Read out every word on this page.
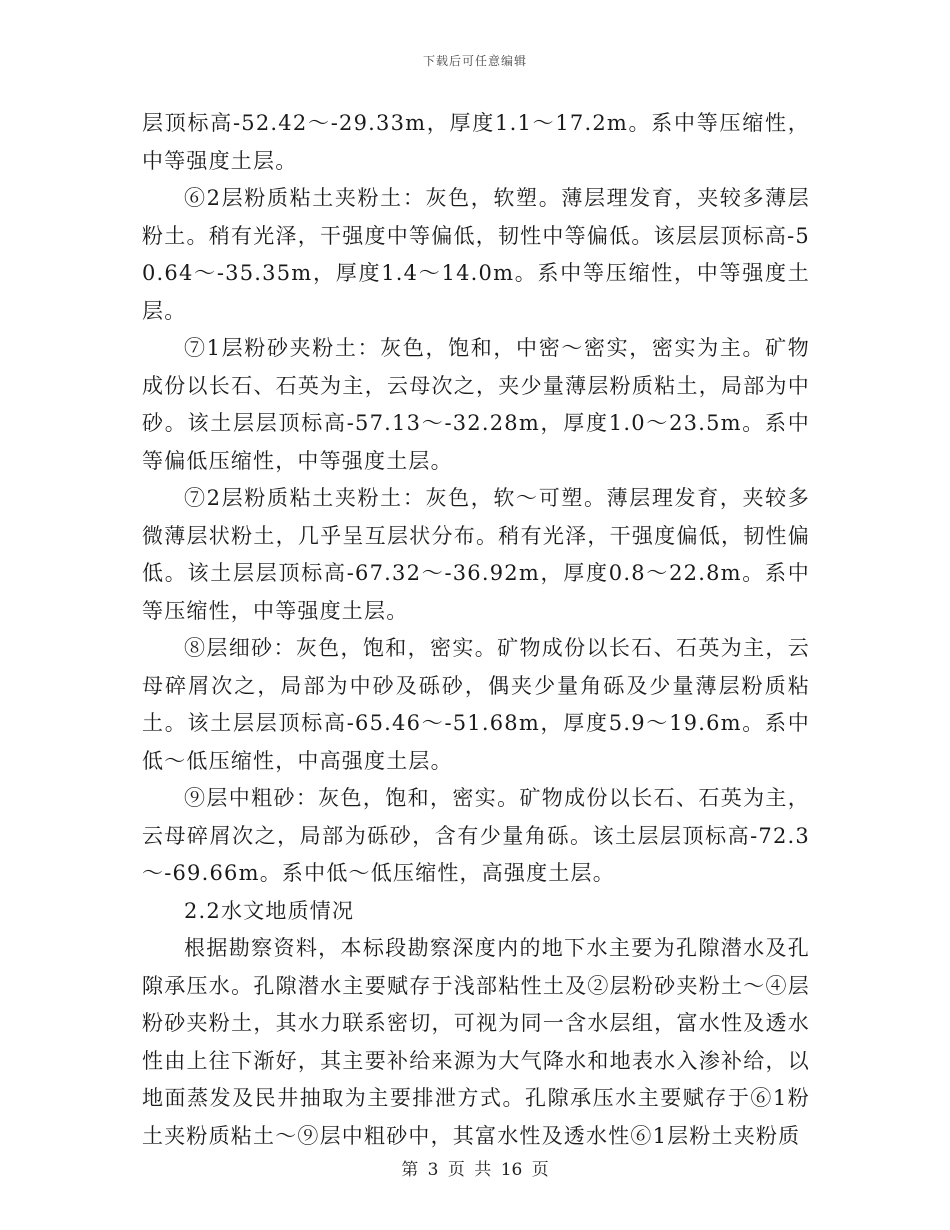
下载后可任意编辑

层顶标高-52.42～-29.33m，厚度1.1～17.2m。系中等压缩性，中等强度土层。

⑥2层粉质粘土夹粉土：灰色，软塑。薄层理发育，夹较多薄层粉土。稍有光泽，干强度中等偏低，韧性中等偏低。该层层顶标高-50.64～-35.35m，厚度1.4～14.0m。系中等压缩性，中等强度土层。

⑦1层粉砂夹粉土：灰色，饱和，中密～密实，密实为主。矿物成份以长石、石英为主，云母次之，夹少量薄层粉质粘土，局部为中砂。该土层层顶标高-57.13～-32.28m，厚度1.0～23.5m。系中等偏低压缩性，中等强度土层。

⑦2层粉质粘土夹粉土：灰色，软～可塑。薄层理发育，夹较多微薄层状粉土，几乎呈互层状分布。稍有光泽，干强度偏低，韧性偏低。该土层层顶标高-67.32～-36.92m，厚度0.8～22.8m。系中等压缩性，中等强度土层。

⑧层细砂：灰色，饱和，密实。矿物成份以长石、石英为主，云母碎屑次之，局部为中砂及砾砂，偶夹少量角砾及少量薄层粉质粘土。该土层层顶标高-65.46～-51.68m，厚度5.9～19.6m。系中低～低压缩性，中高强度土层。

⑨层中粗砂：灰色，饱和，密实。矿物成份以长石、石英为主，云母碎屑次之，局部为砾砂，含有少量角砾。该土层层顶标高-72.3～-69.66m。系中低～低压缩性，高强度土层。

2.2水文地质情况

根据勘察资料，本标段勘察深度内的地下水主要为孔隙潜水及孔隙承压水。孔隙潜水主要赋存于浅部粘性土及②层粉砂夹粉土～④层粉砂夹粉土，其水力联系密切，可视为同一含水层组，富水性及透水性由上往下渐好，其主要补给来源为大气降水和地表水入渗补给，以地面蒸发及民井抽取为主要排泄方式。孔隙承压水主要赋存于⑥1粉土夹粉质粘土～⑨层中粗砂中，其富水性及透水性⑥1层粉土夹粉质

第 3 页 共 16 页
